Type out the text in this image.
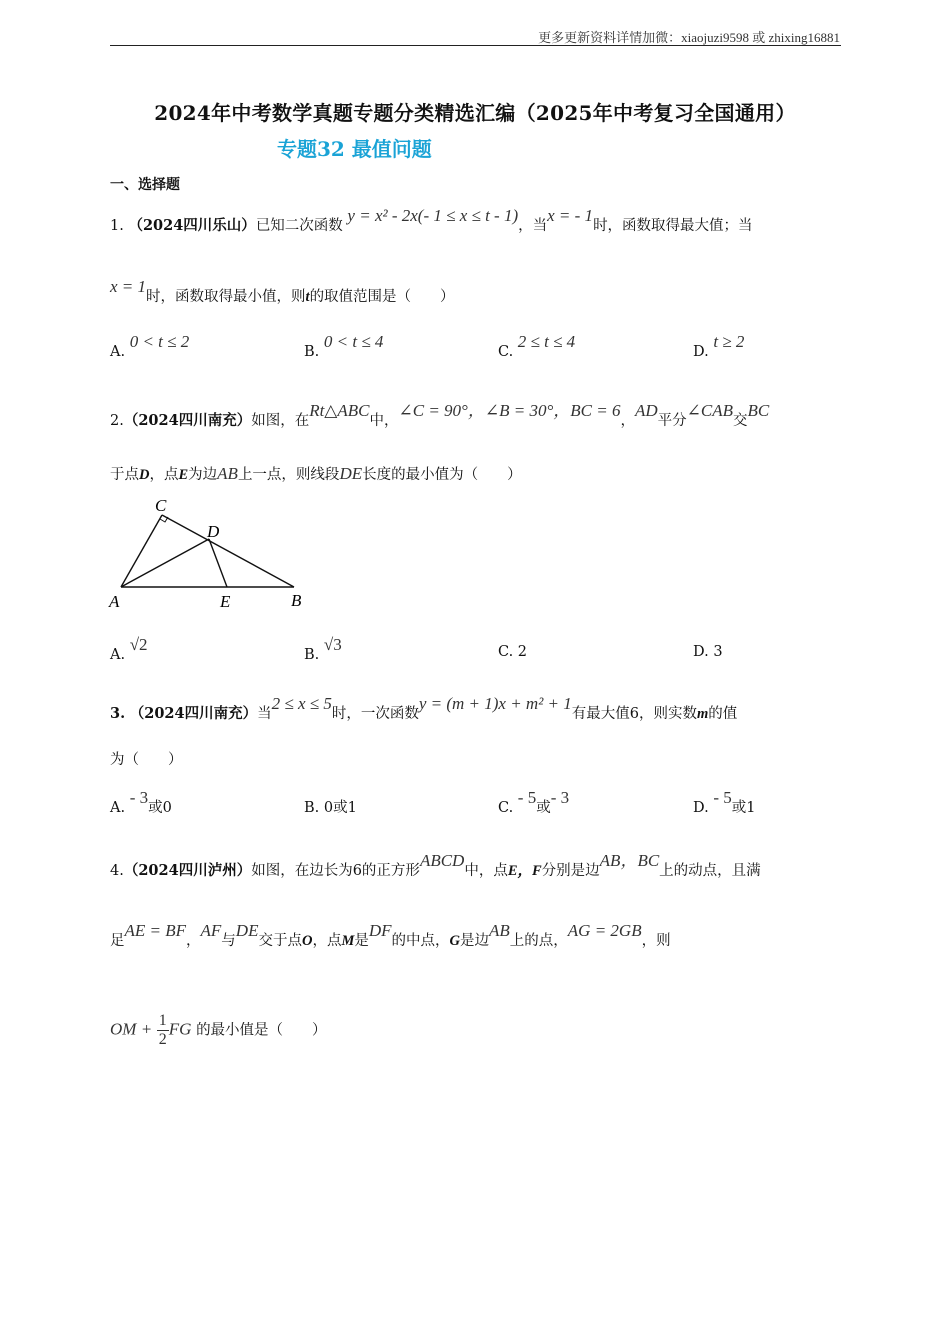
更多更新资料详情加微：xiaojuzi9598 或 zhixing16881
2024年中考数学真题专题分类精选汇编（2025年中考复习全国通用）
专题32 最值问题
一、选择题
1. （2024四川乐山）已知二次函数 y = x² - 2x(- 1 ≤ x ≤ t - 1)，当x = - 1时，函数取得最大值；当
x = 1时，函数取得最小值，则t的取值范围是（　　）
A. 0 < t ≤ 2
B. 0 < t ≤ 4
C. 2 ≤ t ≤ 4
D. t ≥ 2
2.（2024四川南充）如图，在Rt△ABC中，∠C = 90°，∠B = 30°，BC = 6，AD平分∠CAB交BC
于点D，点E为边AB上一点，则线段DE长度的最小值为（　　）
A	B
C
D
E
A. √2
B. √3	C. 2	D. 3
3. （2024四川南充）当2 ≤ x ≤ 5时，一次函数y = (m + 1)x + m² + 1有最大值6，则实数m的值
为（　　）
A. - 3或0	B. 0或1	C. - 5或- 3
D. - 5或1
4.（2024四川泸州）如图，在边长为6的正方形ABCD中，点E，F分别是边AB，BC上的动点，且满
足AE = BF，AF与DE交于点O，点M是DF的中点，G是边AB上的点，AG = 2GB，则
OM + $\frac{1}{2}$ FG 的最小值是（　　）
